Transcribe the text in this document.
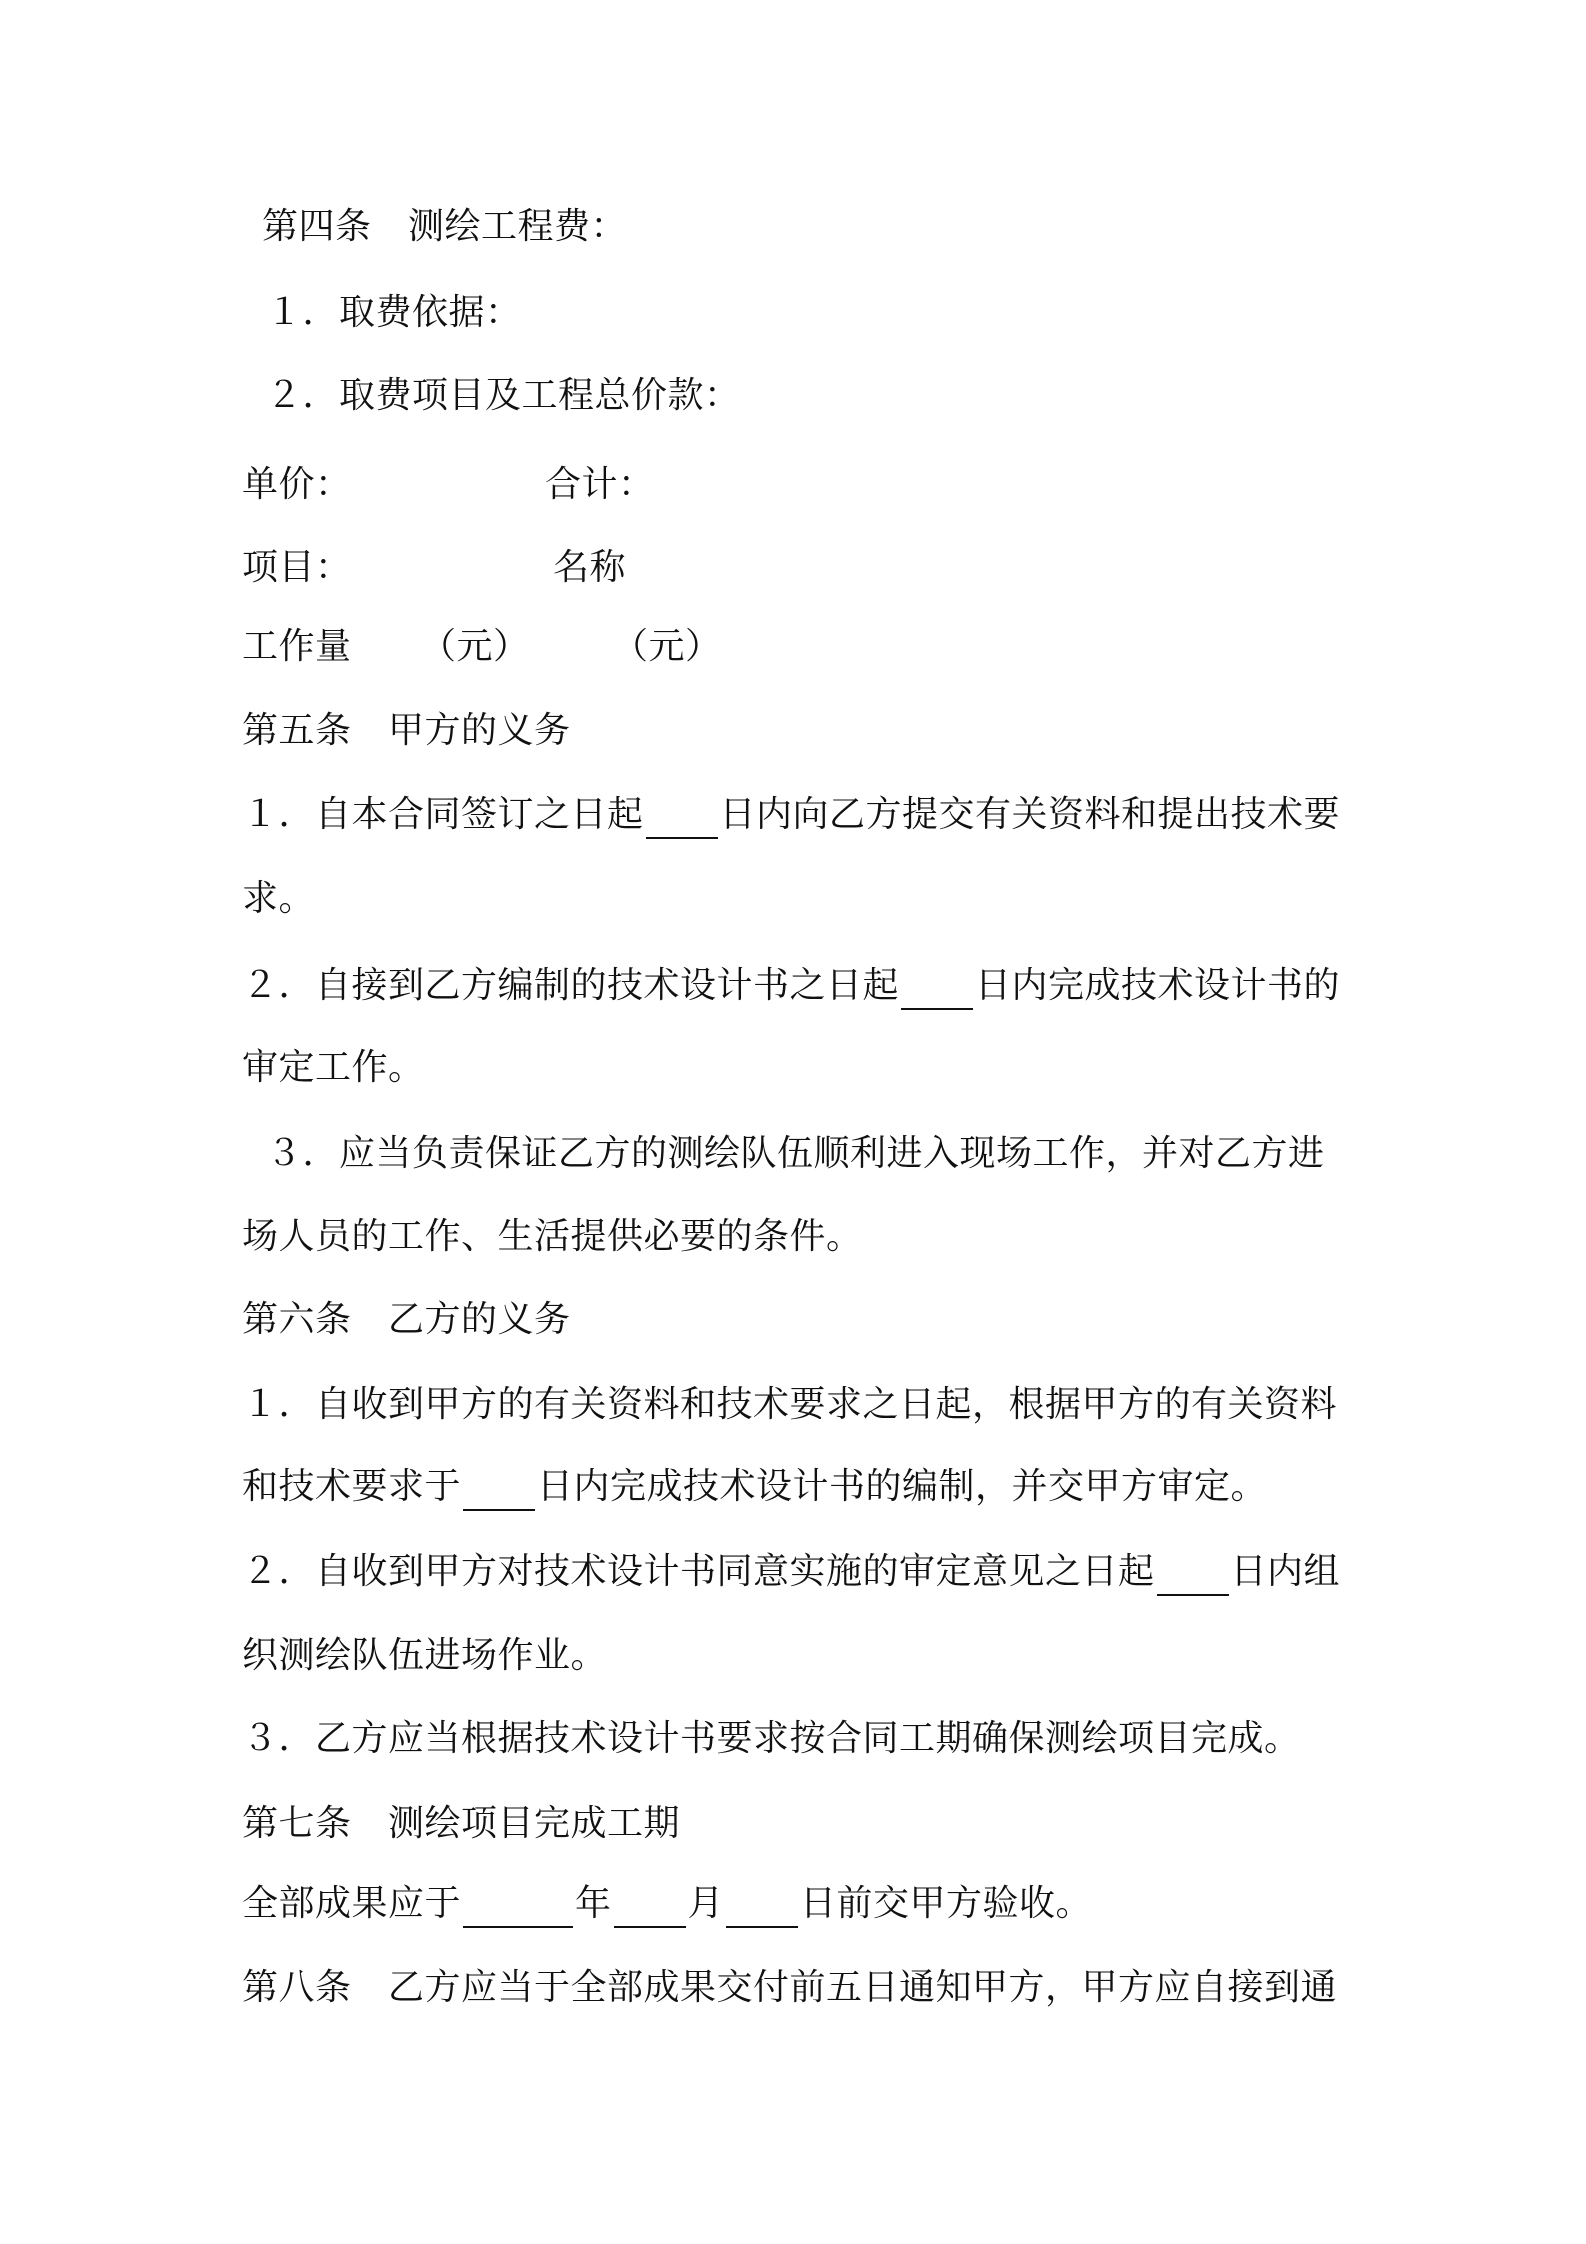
第四条　测绘工程费：
１．取费依据：
２．取费项目及工程总价款：
单价：	合计：
项目：	名称
工作量 （元） （元）
第五条　甲方的义务
１．自本合同签订之日起 日内向乙方提交有关资料和提出技术要
求。
２．自接到乙方编制的技术设计书之日起 日内完成技术设计书的
审定工作。
３．应当负责保证乙方的测绘队伍顺利进入现场工作，并对乙方进
场人员的工作、生活提供必要的条件。
第六条　乙方的义务
１．自收到甲方的有关资料和技术要求之日起，根据甲方的有关资料
和技术要求于 日内完成技术设计书的编制，并交甲方审定。
２．自收到甲方对技术设计书同意实施的审定意见之日起 日内组
织测绘队伍进场作业。
３．乙方应当根据技术设计书要求按合同工期确保测绘项目完成。
第七条　测绘项目完成工期
全部成果应于	年 月 日前交甲方验收。
第八条　乙方应当于全部成果交付前五日通知甲方，甲方应自接到通
